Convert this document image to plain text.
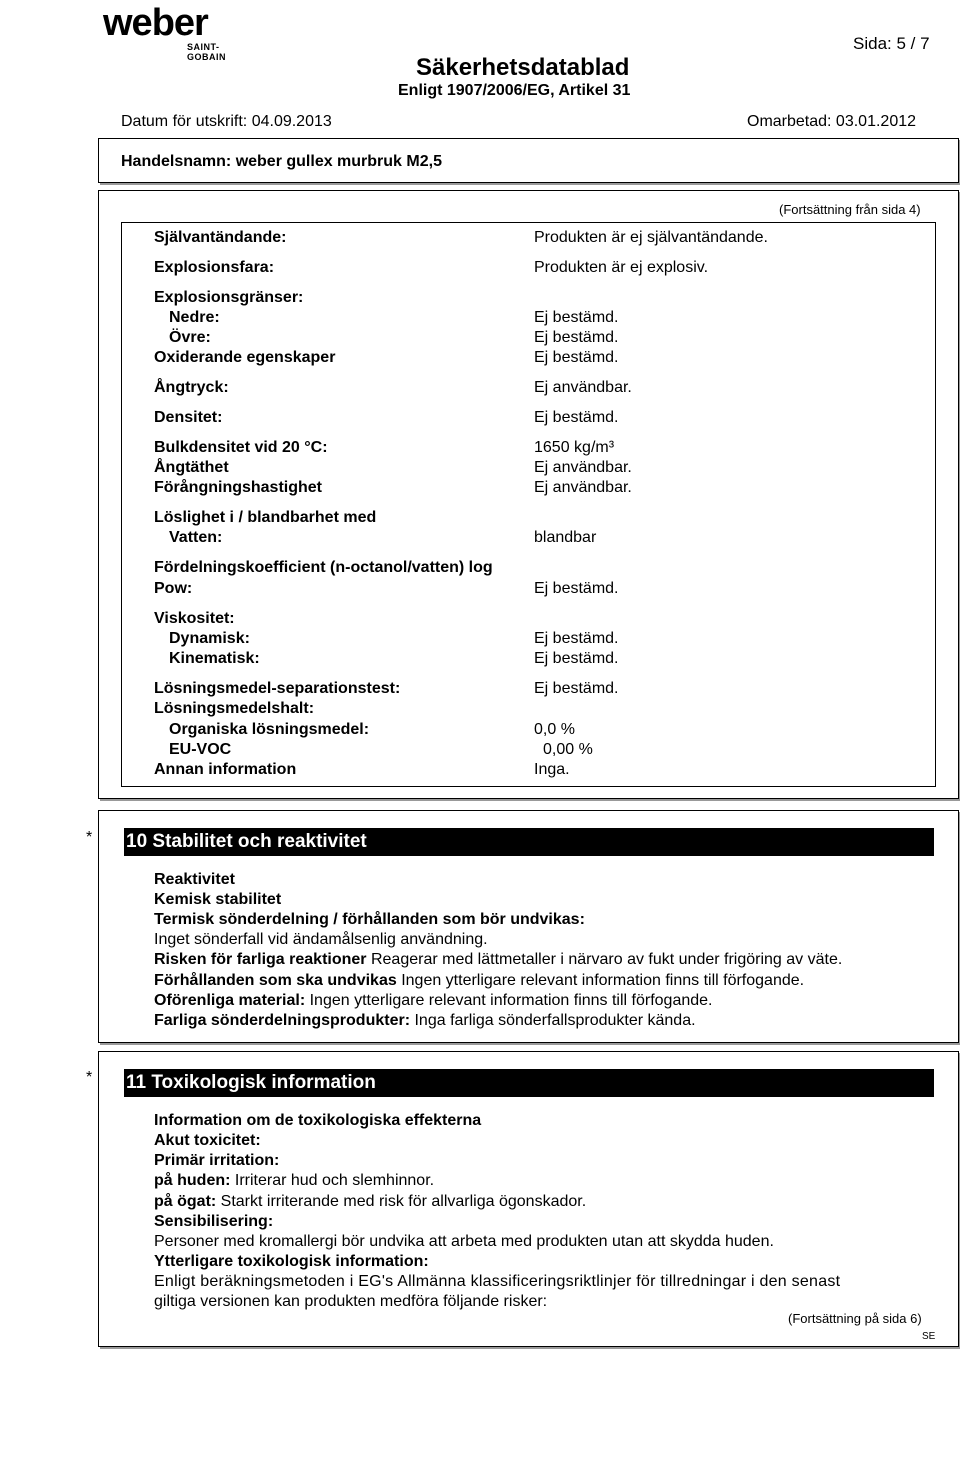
weber
SAINT-GOBAIN	Säkerhetsdatablad
Enligt 1907/2006/EG, Artikel 31
Sida: 5 / 7
Datum för utskrift: 04.09.2013	Omarbetad: 03.01.2012
Handelsnamn: weber gullex murbruk M2,5
(Fortsättning från sida 4)
Självantändande:	Produkten är ej självantändande.
Explosionsfara:	Produkten är ej explosiv.
Explosionsgränser:
Nedre:	Ej bestämd.
Övre:	Ej bestämd.
Oxiderande egenskaper	Ej bestämd.
Ångtryck:	Ej användbar.
Densitet:	Ej bestämd.
Bulkdensitet vid 20 °C:	1650 kg/m³
Ångtäthet	Ej användbar.
Förångningshastighet	Ej användbar.
Löslighet i / blandbarhet med
Vatten:	blandbar
Fördelningskoefficient (n-octanol/vatten) log
Pow:	Ej bestämd.
Viskositet:
Dynamisk:	Ej bestämd.
Kinematisk:	Ej bestämd.
Lösningsmedel-separationstest:	Ej bestämd.
Lösningsmedelshalt:
Organiska lösningsmedel:	0,0 %
EU-VOC	0,00 %
Annan information	Inga.
* 10 Stabilitet och reaktivitet
Reaktivitet
Kemisk stabilitet
Termisk sönderdelning / förhållanden som bör undvikas:
Inget sönderfall vid ändamålsenlig användning.
Risken för farliga reaktioner Reagerar med lättmetaller i närvaro av fukt under frigöring av väte.
Förhållanden som ska undvikas Ingen ytterligare relevant information finns till förfogande.
Oförenliga material: Ingen ytterligare relevant information finns till förfogande.
Farliga sönderdelningsprodukter: Inga farliga sönderfallsprodukter kända.
* 11 Toxikologisk information
Information om de toxikologiska effekterna
Akut toxicitet:
Primär irritation:
på huden: Irriterar hud och slemhinnor.
på ögat: Starkt irriterande med risk för allvarliga ögonskador.
Sensibilisering:
Personer med kromallergi bör undvika att arbeta med produkten utan att skydda huden.
Ytterligare toxikologisk information:
Enligt beräkningsmetoden i EG's Allmänna klassificeringsriktlinjer för tillredningar i den senast
giltiga versionen kan produkten medföra följande risker:
(Fortsättning på sida 6)
SE
